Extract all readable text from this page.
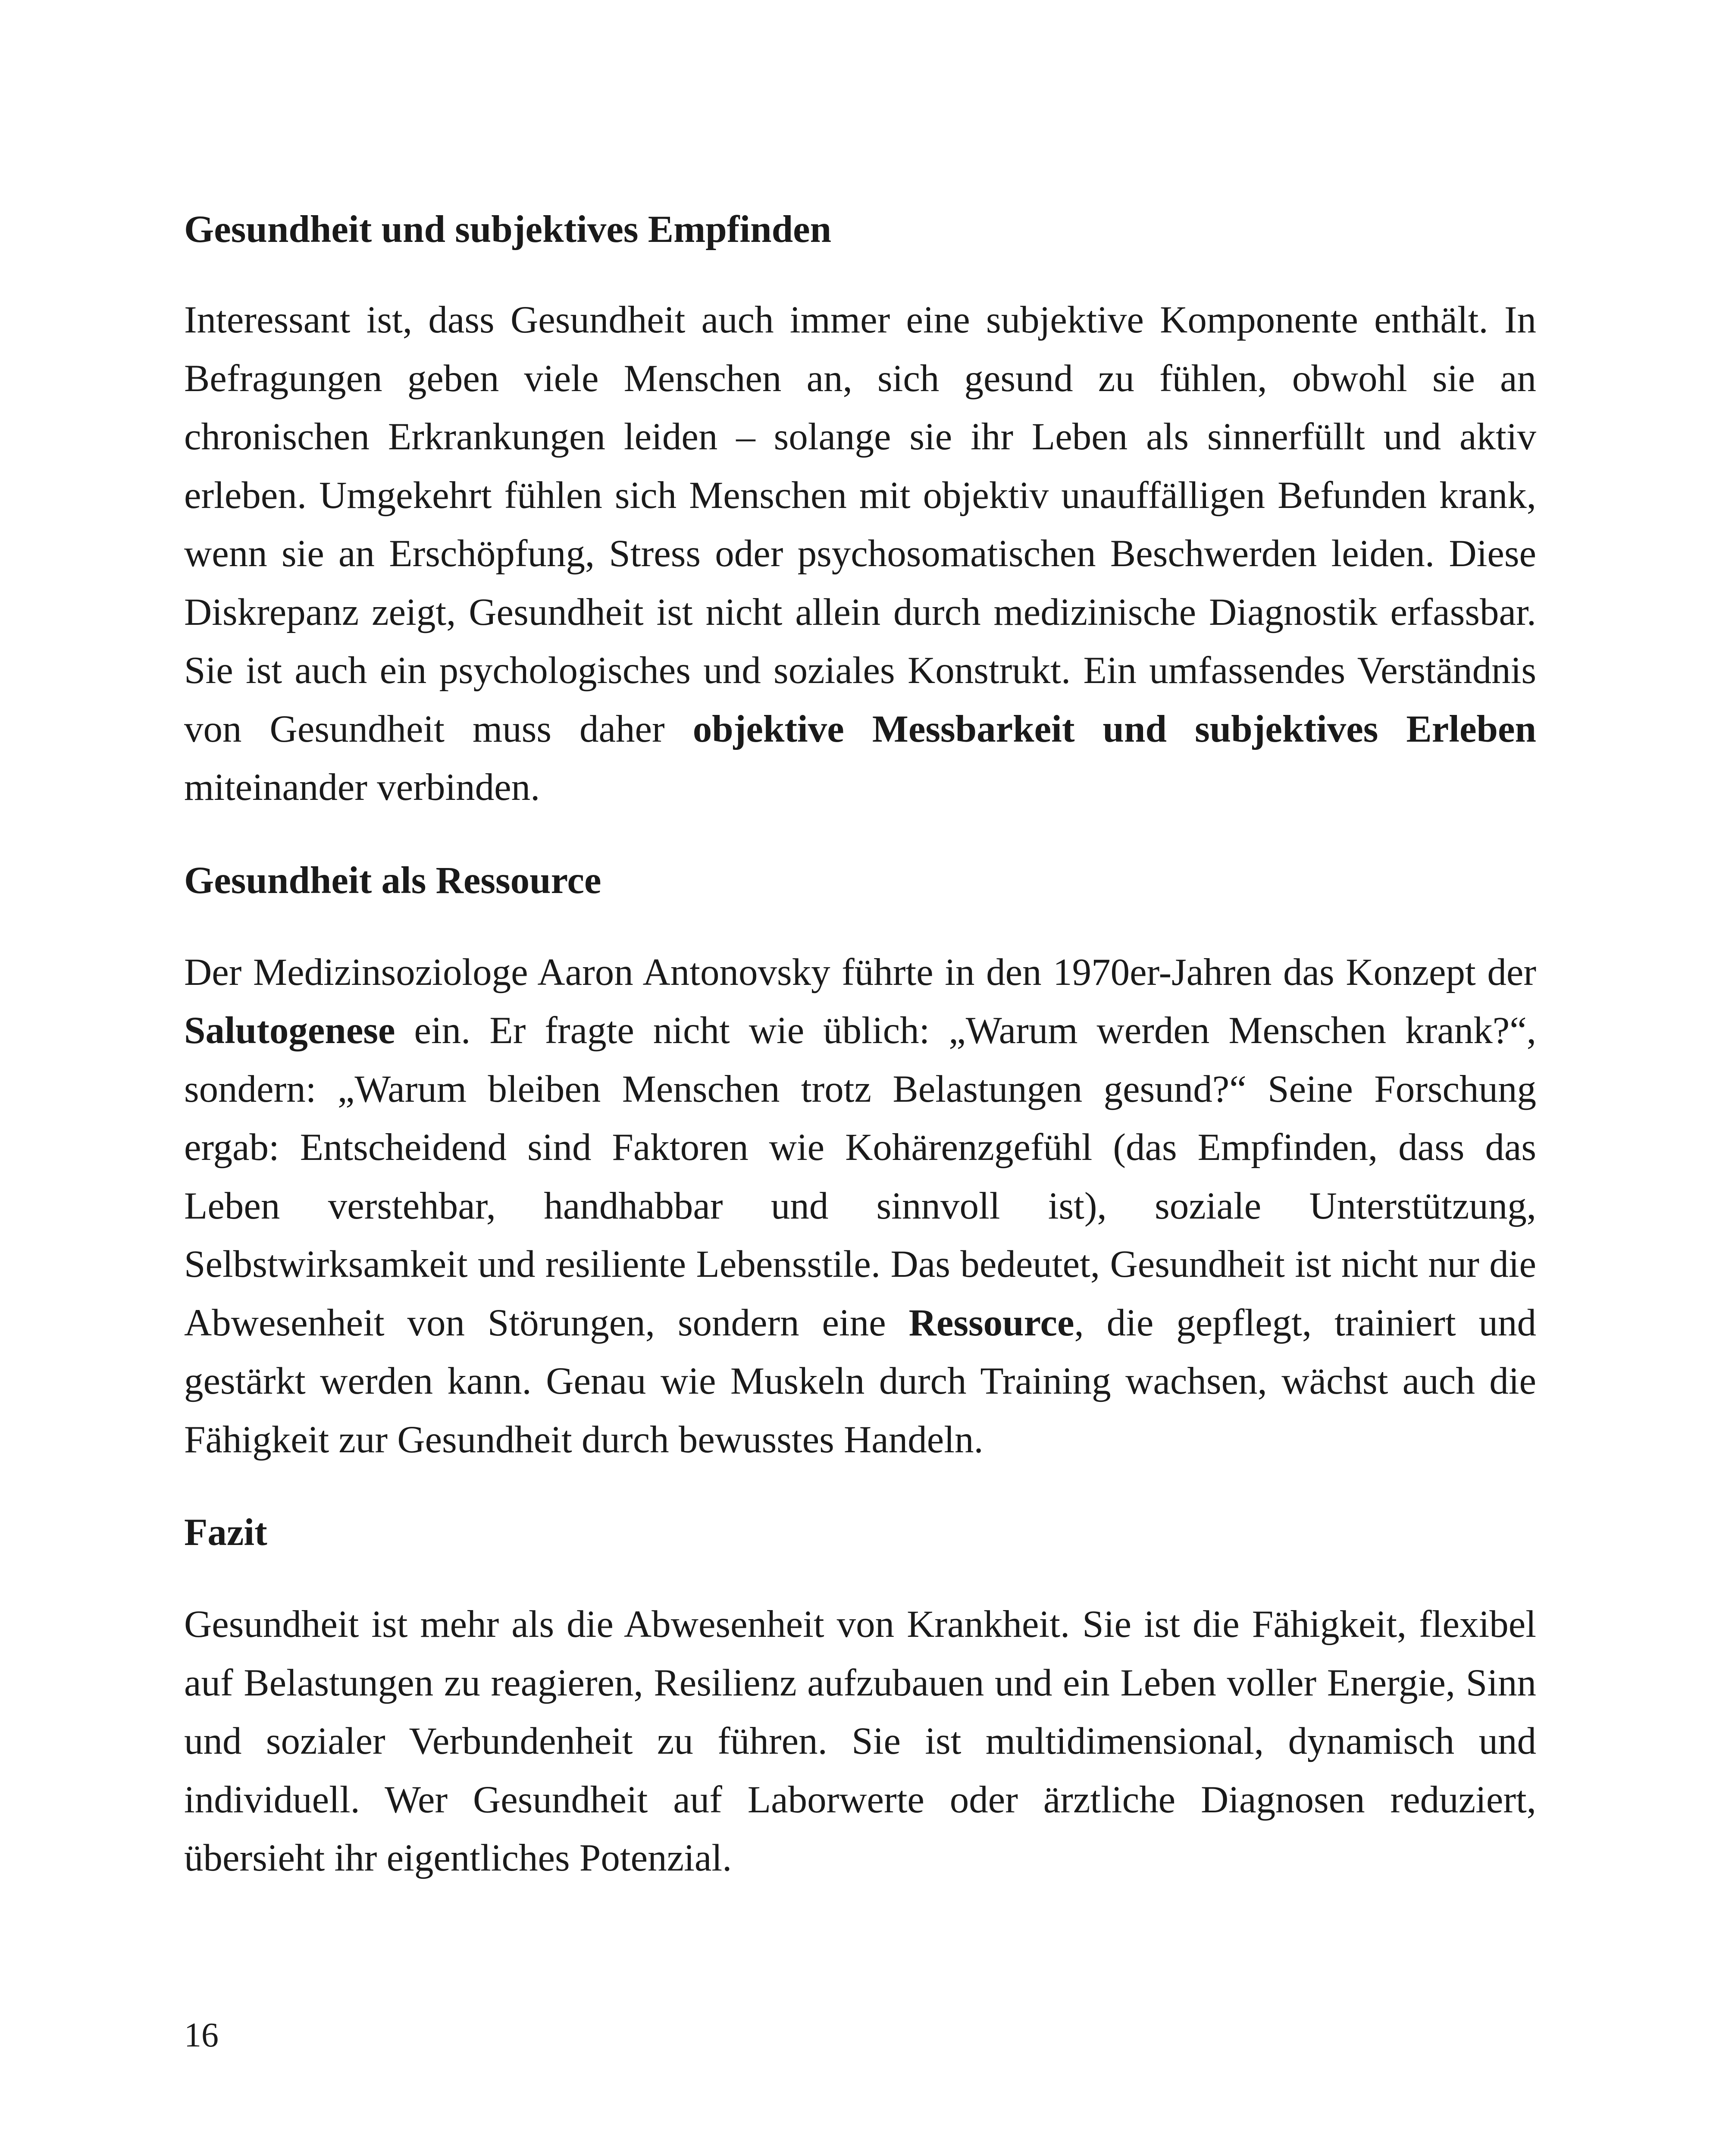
Gesundheit und subjektives Empfinden

Interessant ist, dass Gesundheit auch immer eine subjektive Komponente enthält. In Befragungen geben viele Menschen an, sich gesund zu fühlen, obwohl sie an chronischen Erkrankungen leiden – solange sie ihr Leben als sinnerfüllt und aktiv erleben. Umgekehrt fühlen sich Menschen mit objektiv unauffälligen Befunden krank, wenn sie an Erschöpfung, Stress oder psychosomatischen Beschwerden leiden. Diese Diskrepanz zeigt, Gesundheit ist nicht allein durch medizinische Diagnostik erfassbar. Sie ist auch ein psychologisches und soziales Konstrukt. Ein umfassendes Verständnis von Gesundheit muss daher objektive Messbarkeit und subjektives Erleben miteinander verbinden.

Gesundheit als Ressource

Der Medizinsoziologe Aaron Antonovsky führte in den 1970er-Jahren das Konzept der Salutogenese ein. Er fragte nicht wie üblich: „Warum werden Menschen krank?“, sondern: „Warum bleiben Menschen trotz Belastungen gesund?“ Seine Forschung ergab: Entscheidend sind Faktoren wie Kohärenzgefühl (das Empfinden, dass das Leben verstehbar, handhabbar und sinnvoll ist), soziale Unterstützung, Selbstwirksamkeit und resiliente Lebensstile. Das bedeutet, Gesundheit ist nicht nur die Abwesenheit von Störungen, sondern eine Ressource, die gepflegt, trainiert und gestärkt werden kann. Genau wie Muskeln durch Training wachsen, wächst auch die Fähigkeit zur Gesundheit durch bewusstes Handeln.

Fazit

Gesundheit ist mehr als die Abwesenheit von Krankheit. Sie ist die Fähigkeit, flexibel auf Belastungen zu reagieren, Resilienz aufzubauen und ein Leben voller Energie, Sinn und sozialer Verbundenheit zu führen. Sie ist multidimensional, dynamisch und individuell. Wer Gesundheit auf Laborwerte oder ärztliche Diagnosen reduziert, übersieht ihr eigentliches Potenzial.

16
